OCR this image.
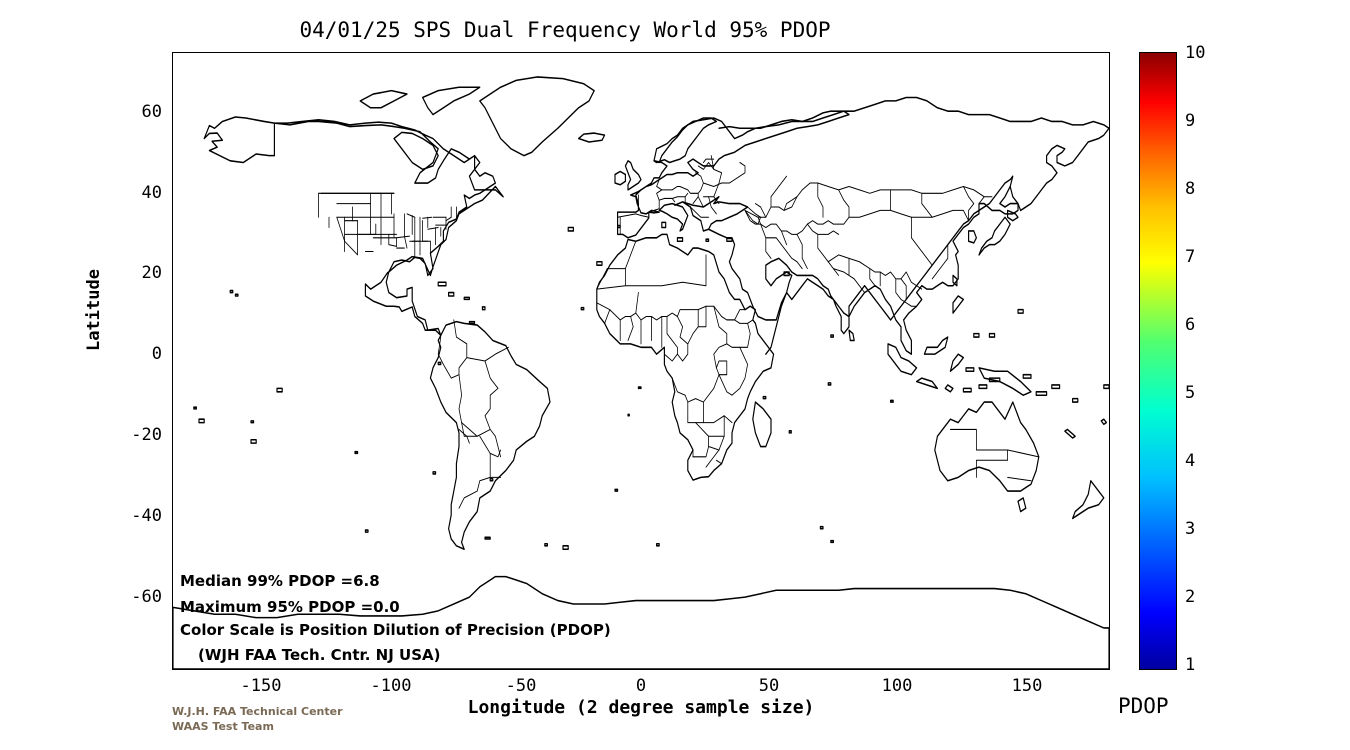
04/01/25 SPS Dual Frequency World 95% PDOP
Latitude
60
40
20
0
-20
-40
-60
Median 99% PDOP =6.8
Maximum 95% PDOP =0.0
Color Scale is Position Dilution of Precision (PDOP)
(WJH FAA Tech. Cntr. NJ USA)
-150	-100	-50	0	50	100	150
Longitude (2 degree sample size)
W.J.H. FAA Technical Center
WAAS Test Team
10
9
8
7
6
5
4
3
2
1
PDOP
